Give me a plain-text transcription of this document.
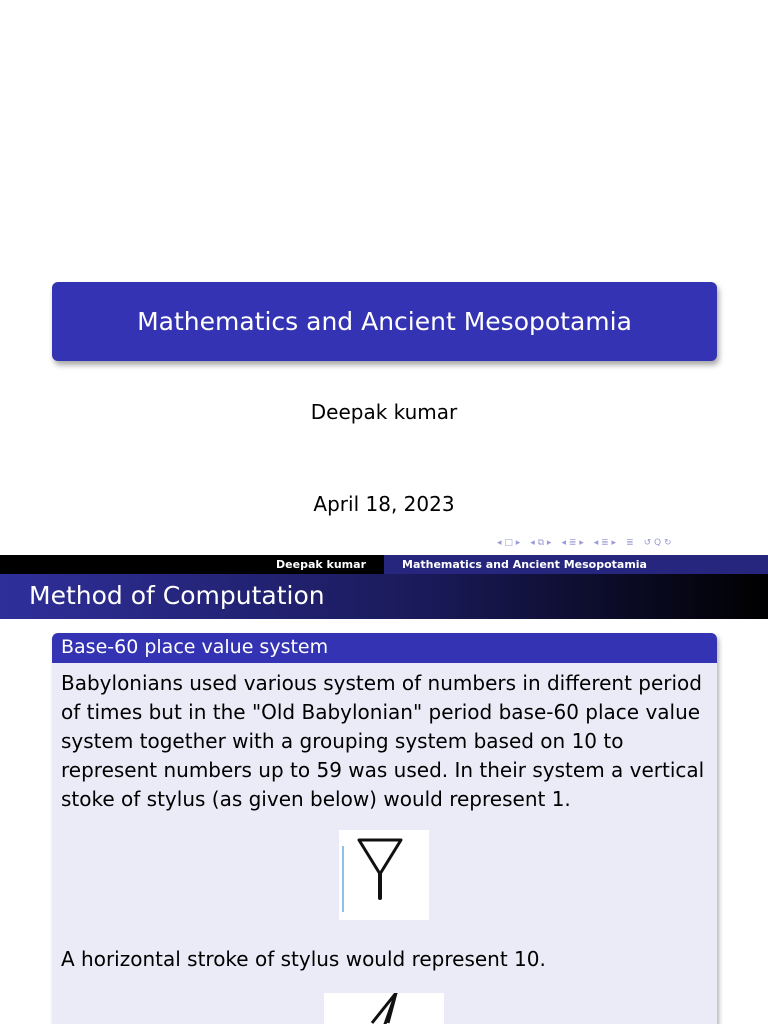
Mathematics and Ancient Mesopotamia
Deepak kumar
April 18, 2023
◂ □ ▸ ◂ ⧉ ▸ ◂ ≣ ▸ ◂ ≣ ▸ ≣ ↺ Q ↻
Deepak kumar	Mathematics and Ancient Mesopotamia
Method of Computation
Base-60 place value system
Babylonians used various system of numbers in different period of times but in the "Old Babylonian" period base-60 place value system together with a grouping system based on 10 to represent numbers up to 59 was used. In their system a vertical stoke of stylus (as given below) would represent 1.
A horizontal stroke of stylus would represent 10.
